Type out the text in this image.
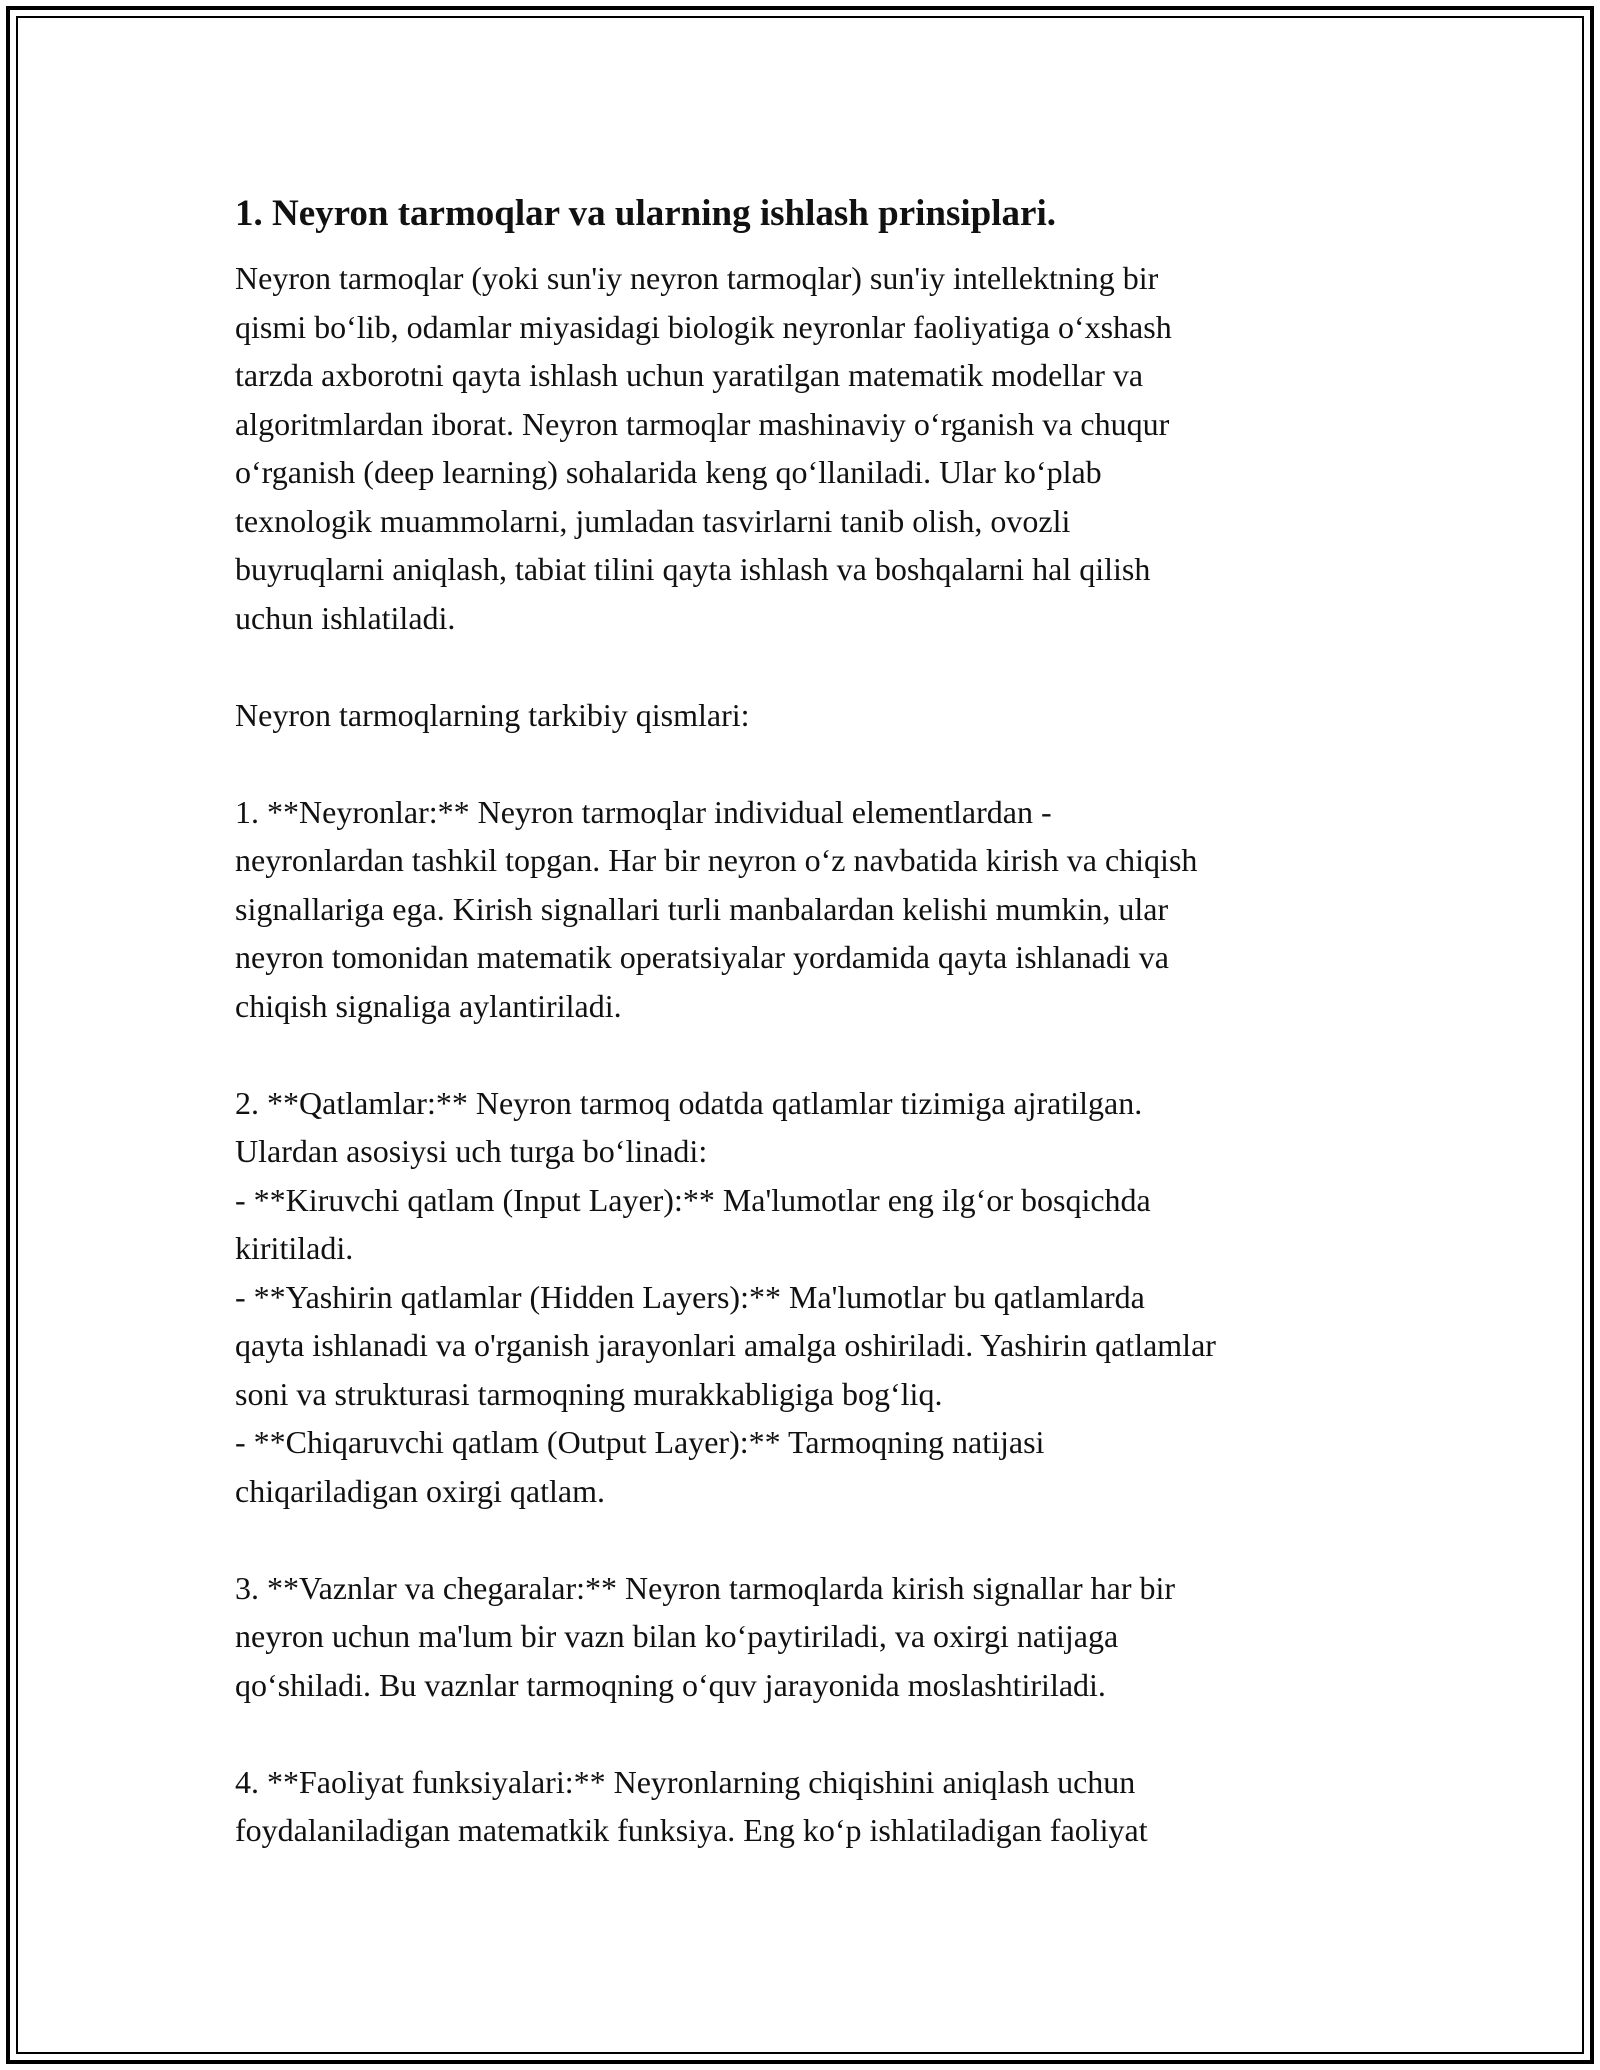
1. Neyron tarmoqlar va ularning ishlash prinsiplari.

Neyron tarmoqlar (yoki sun'iy neyron tarmoqlar) sun'iy intellektning bir
qismi bo‘lib, odamlar miyasidagi biologik neyronlar faoliyatiga o‘xshash
tarzda axborotni qayta ishlash uchun yaratilgan matematik modellar va
algoritmlardan iborat. Neyron tarmoqlar mashinaviy o‘rganish va chuqur
o‘rganish (deep learning) sohalarida keng qo‘llaniladi. Ular ko‘plab
texnologik muammolarni, jumladan tasvirlarni tanib olish, ovozli
buyruqlarni aniqlash, tabiat tilini qayta ishlash va boshqalarni hal qilish
uchun ishlatiladi.

Neyron tarmoqlarning tarkibiy qismlari:

1. **Neyronlar:** Neyron tarmoqlar individual elementlardan -
neyronlardan tashkil topgan. Har bir neyron o‘z navbatida kirish va chiqish
signallariga ega. Kirish signallari turli manbalardan kelishi mumkin, ular
neyron tomonidan matematik operatsiyalar yordamida qayta ishlanadi va
chiqish signaliga aylantiriladi.

2. **Qatlamlar:** Neyron tarmoq odatda qatlamlar tizimiga ajratilgan.
Ulardan asosiysi uch turga bo‘linadi:
- **Kiruvchi qatlam (Input Layer):** Ma'lumotlar eng ilg‘or bosqichda
kiritiladi.
- **Yashirin qatlamlar (Hidden Layers):** Ma'lumotlar bu qatlamlarda
qayta ishlanadi va o'rganish jarayonlari amalga oshiriladi. Yashirin qatlamlar
soni va strukturasi tarmoqning murakkabligiga bog‘liq.
- **Chiqaruvchi qatlam (Output Layer):** Tarmoqning natijasi
chiqariladigan oxirgi qatlam.

3. **Vaznlar va chegaralar:** Neyron tarmoqlarda kirish signallar har bir
neyron uchun ma'lum bir vazn bilan ko‘paytiriladi, va oxirgi natijaga
qo‘shiladi. Bu vaznlar tarmoqning o‘quv jarayonida moslashtiriladi.

4. **Faoliyat funksiyalari:** Neyronlarning chiqishini aniqlash uchun
foydalaniladigan matematkik funksiya. Eng ko‘p ishlatiladigan faoliyat
